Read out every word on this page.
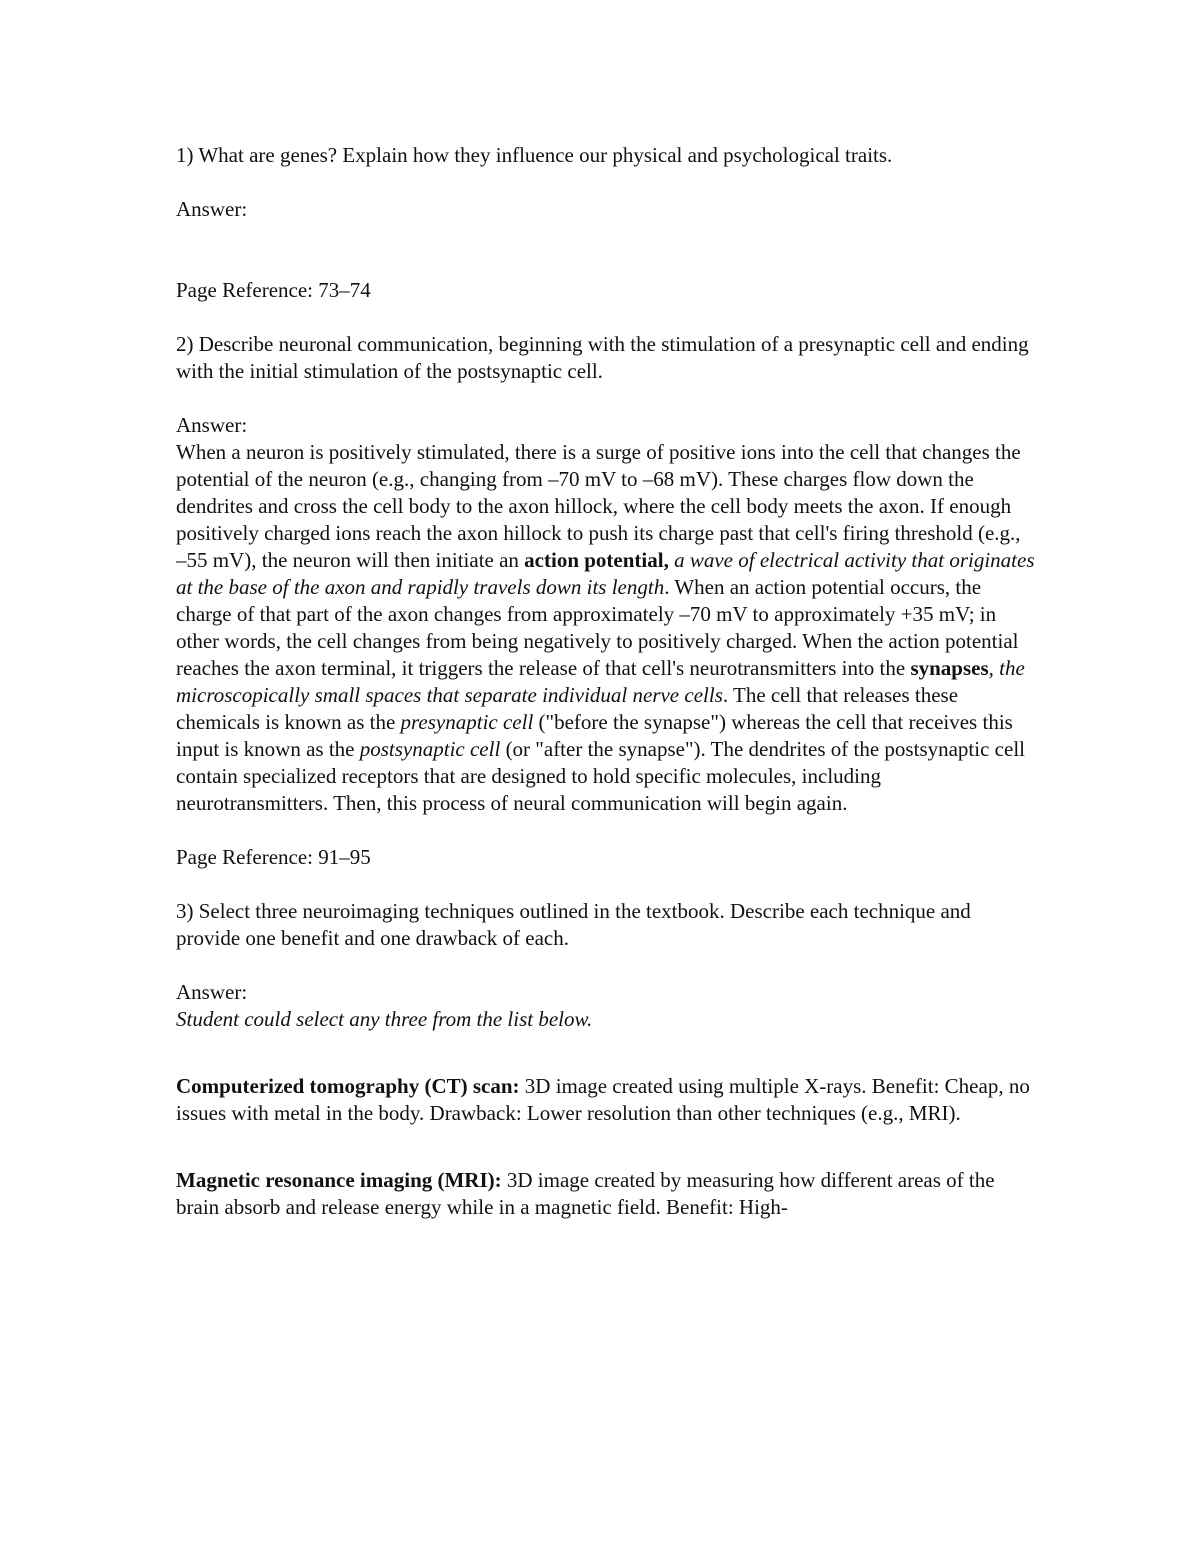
1) What are genes? Explain how they influence our physical and psychological traits.

Answer:

Page Reference: 73–74

2) Describe neuronal communication, beginning with the stimulation of a presynaptic cell and ending with the initial stimulation of the postsynaptic cell.

Answer:

When a neuron is positively stimulated, there is a surge of positive ions into the cell that changes the potential of the neuron (e.g., changing from –70 mV to –68 mV). These charges flow down the dendrites and cross the cell body to the axon hillock, where the cell body meets the axon. If enough positively charged ions reach the axon hillock to push its charge past that cell's firing threshold (e.g., –55 mV), the neuron will then initiate an action potential, a wave of electrical activity that originates at the base of the axon and rapidly travels down its length. When an action potential occurs, the charge of that part of the axon changes from approximately –70 mV to approximately +35 mV; in other words, the cell changes from being negatively to positively charged. When the action potential reaches the axon terminal, it triggers the release of that cell's neurotransmitters into the synapses, the microscopically small spaces that separate individual nerve cells. The cell that releases these chemicals is known as the presynaptic cell ("before the synapse") whereas the cell that receives this input is known as the postsynaptic cell (or "after the synapse"). The dendrites of the postsynaptic cell contain specialized receptors that are designed to hold specific molecules, including neurotransmitters. Then, this process of neural communication will begin again.

Page Reference: 91–95

3) Select three neuroimaging techniques outlined in the textbook. Describe each technique and provide one benefit and one drawback of each.

Answer:

Student could select any three from the list below.

Computerized tomography (CT) scan: 3D image created using multiple X-rays. Benefit: Cheap, no issues with metal in the body. Drawback: Lower resolution than other techniques (e.g., MRI).

Magnetic resonance imaging (MRI): 3D image created by measuring how different areas of the brain absorb and release energy while in a magnetic field. Benefit: High-
